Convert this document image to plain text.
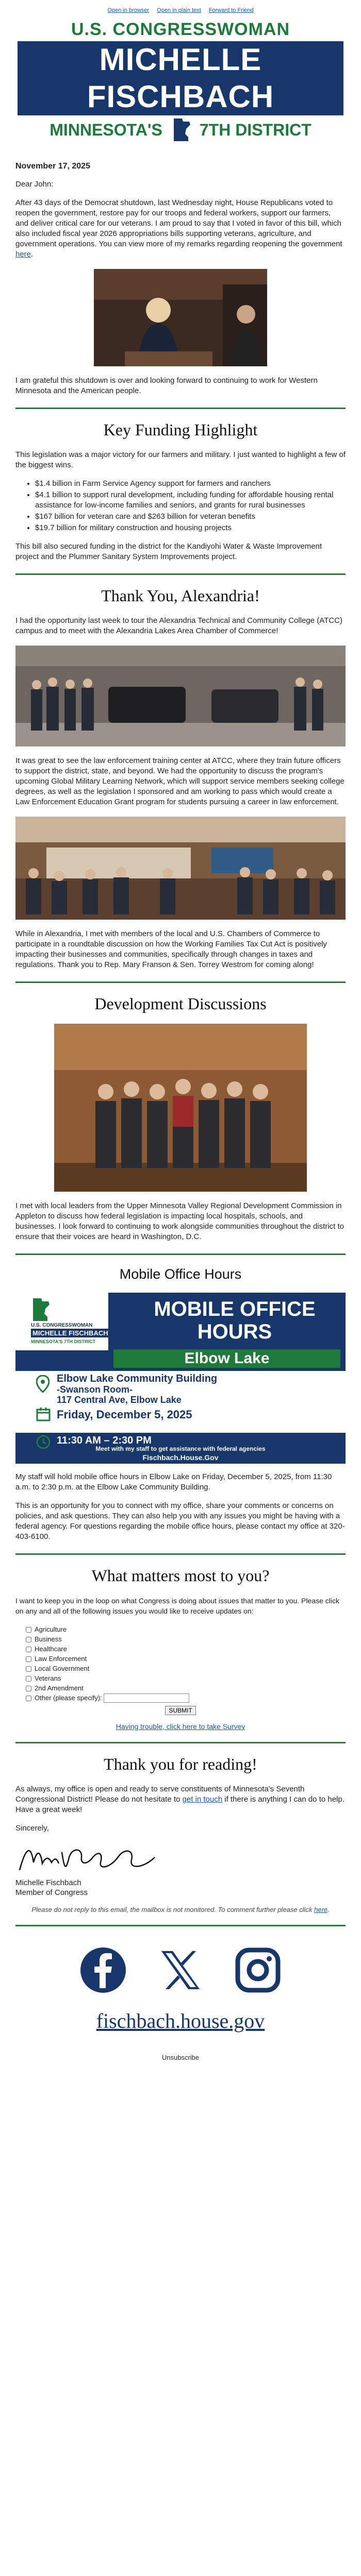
Open in browser Open in plain text Forward to Friend
U.S. CONGRESSWOMAN
MICHELLE FISCHBACH
MINNESOTA'S 7TH DISTRICT
November 17, 2025

Dear John:

After 43 days of the Democrat shutdown, last Wednesday night, House Republicans voted to reopen the government, restore pay for our troops and federal workers, support our farmers, and deliver critical care for our veterans. I am proud to say that I voted in favor of this bill, which also included fiscal year 2026 appropriations bills supporting veterans, agriculture, and government operations. You can view more of my remarks regarding reopening the government here.

I am grateful this shutdown is over and looking forward to continuing to work for Western Minnesota and the American people.

Key Funding Highlight

This legislation was a major victory for our farmers and military. I just wanted to highlight a few of the biggest wins.

• $1.4 billion in Farm Service Agency support for farmers and ranchers
• $4.1 billion to support rural development, including funding for affordable housing rental assistance for low-income families and seniors, and grants for rural businesses
• $167 billion for veteran care and $263 billion for veteran benefits
• $19.7 billion for military construction and housing projects

This bill also secured funding in the district for the Kandiyohi Water & Waste Improvement project and the Plummer Sanitary System Improvements project.

Thank You, Alexandria!

I had the opportunity last week to tour the Alexandria Technical and Community College (ATCC) campus and to meet with the Alexandria Lakes Area Chamber of Commerce!

It was great to see the law enforcement training center at ATCC, where they train future officers to support the district, state, and beyond. We had the opportunity to discuss the program's upcoming Global Military Learning Network, which will support service members seeking college degrees, as well as the legislation I sponsored and am working to pass which would create a Law Enforcement Education Grant program for students pursuing a career in law enforcement.

While in Alexandria, I met with members of the local and U.S. Chambers of Commerce to participate in a roundtable discussion on how the Working Families Tax Cut Act is positively impacting their businesses and communities, specifically through changes in taxes and regulations. Thank you to Rep. Mary Franson & Sen. Torrey Westrom for coming along!

Development Discussions

I met with local leaders from the Upper Minnesota Valley Regional Development Commission in Appleton to discuss how federal legislation is impacting local hospitals, schools, and businesses. I look forward to continuing to work alongside communities throughout the district to ensure that their voices are heard in Washington, D.C.

Mobile Office Hours
U.S. CONGRESSWOMAN
MICHELLE FISCHBACH
MINNESOTA'S 7TH DISTRICT
MOBILE OFFICE HOURS
Elbow Lake
Elbow Lake Community Building
-Swanson Room-
117 Central Ave, Elbow Lake
Friday, December 5, 2025
11:30 AM – 2:30 PM
Meet with my staff to get assistance with federal agencies
Fischbach.House.Gov

My staff will hold mobile office hours in Elbow Lake on Friday, December 5, 2025, from 11:30 a.m. to 2:30 p.m. at the Elbow Lake Community Building.

This is an opportunity for you to connect with my office, share your comments or concerns on policies, and ask questions. They can also help you with any issues you might be having with a federal agency. For questions regarding the mobile office hours, please contact my office at 320-403-6100.

What matters most to you?

I want to keep you in the loop on what Congress is doing about issues that matter to you. Please click on any and all of the following issues you would like to receive updates on:

Agriculture
Business
Healthcare
Law Enforcement
Local Government
Veterans
2nd Amendment
Other (please specify):
SUBMIT
Having trouble, click here to take Survey
Thank you for reading!

As always, my office is open and ready to serve constituents of Minnesota's Seventh Congressional District! Please do not hesitate to get in touch if there is anything I can do to help. Have a great week!

Sincerely,

Michelle Fischbach
Member of Congress
Please do not reply to this email, the mailbox is not monitored. To comment further please click here.
fischbach.house.gov
Unsubscribe
